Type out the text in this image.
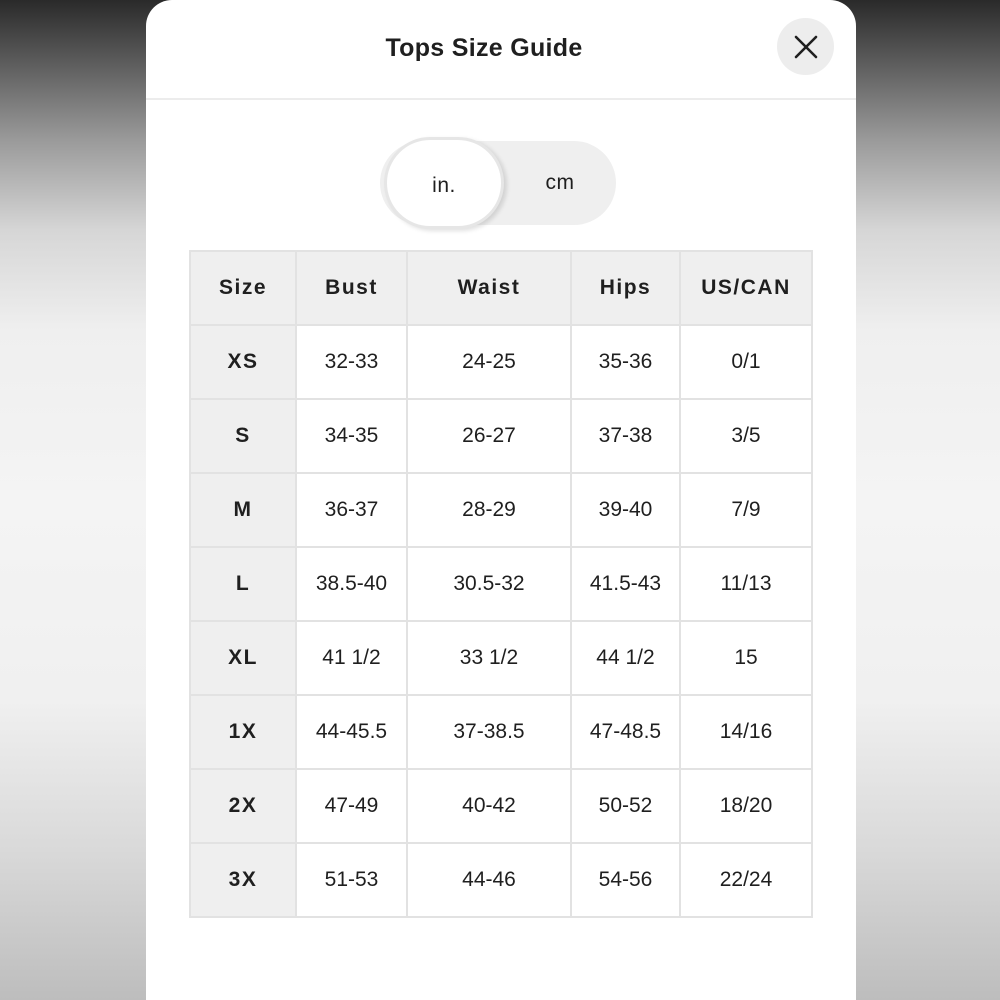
Tops Size Guide
cm
in.
Size	Bust	Waist	Hips	US/CAN
XS	32-33	24-25	35-36	0/1
S	34-35	26-27	37-38	3/5
M	36-37	28-29	39-40	7/9
L	38.5-40	30.5-32	41.5-43	11/13
XL	41 1/2	33 1/2	44 1/2	15
1X	44-45.5	37-38.5	47-48.5	14/16
2X	47-49	40-42	50-52	18/20
3X	51-53	44-46	54-56	22/24
